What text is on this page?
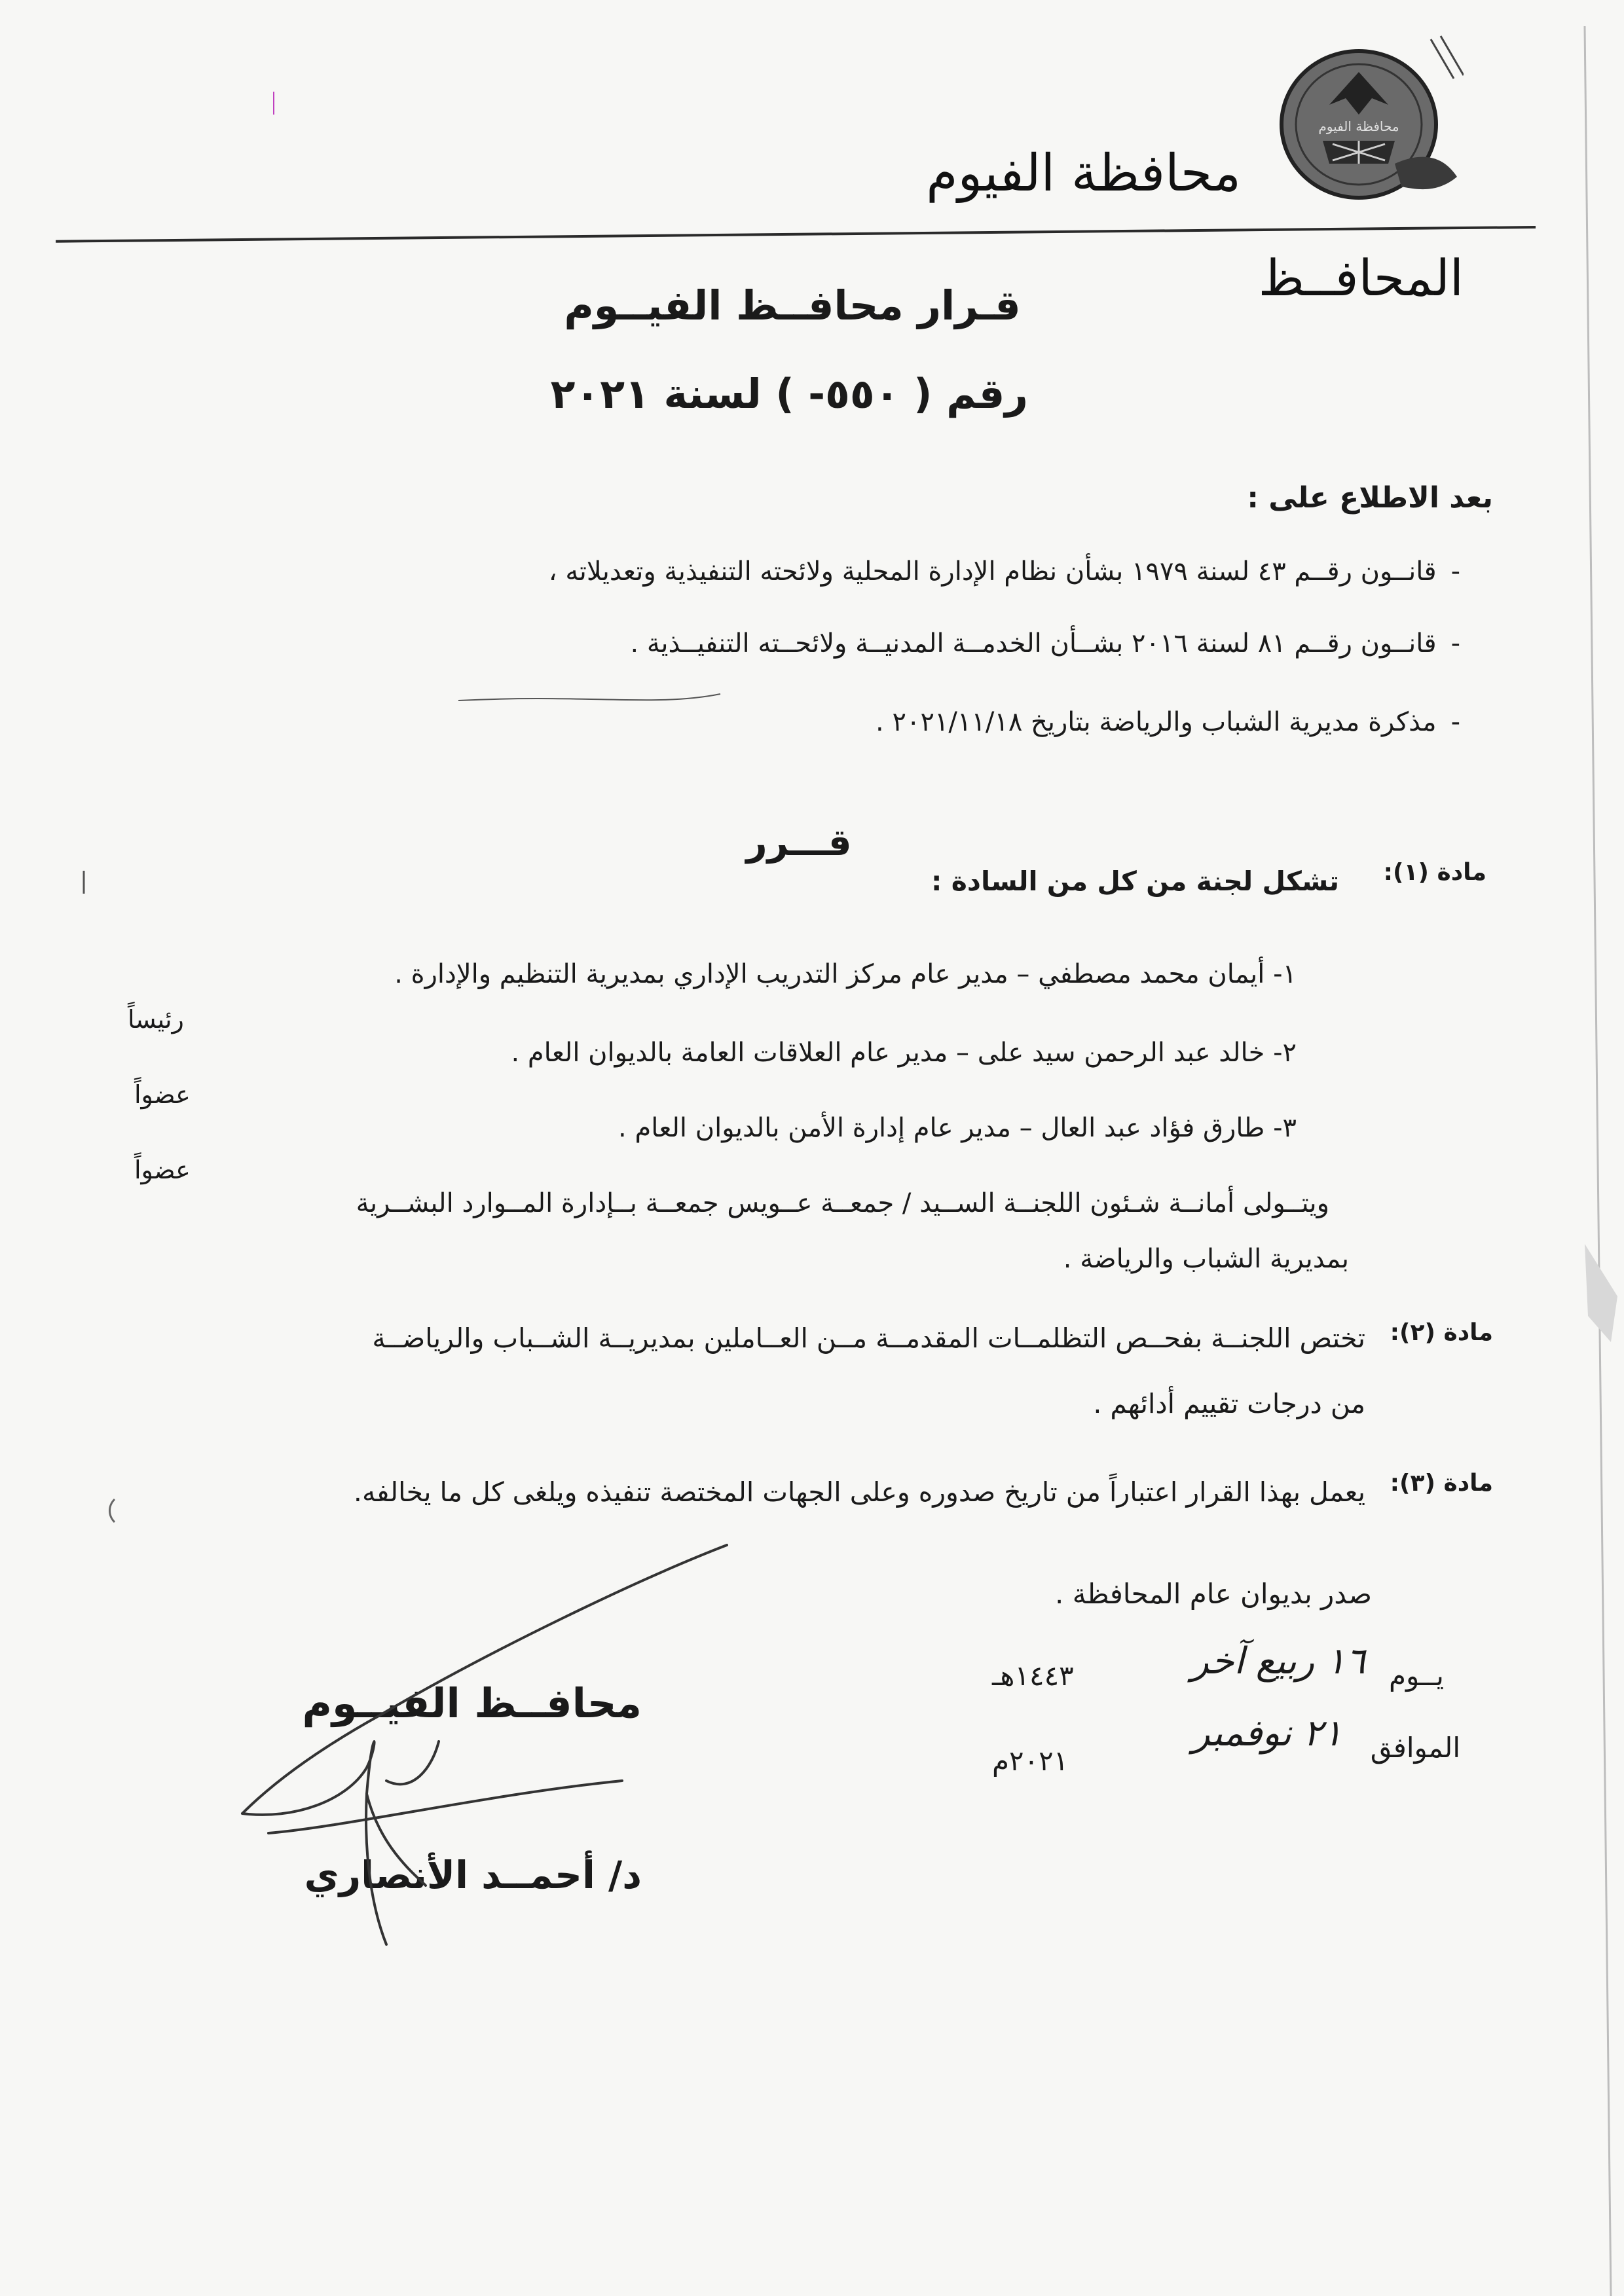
محافظة الفيوم
محافظة الفيوم
المحافــظ
قـرار محافــظ الفيــوم
رقم ( ٥٥٠- ) لسنة ٢٠٢١
بعد الاطلاع على :
-قانــون رقــم ٤٣ لسنة ١٩٧٩ بشأن نظام الإدارة المحلية ولائحته التنفيذية وتعديلاته ،
-قانــون رقــم ٨١ لسنة ٢٠١٦ بشــأن الخدمــة المدنيــة ولائحــته التنفيــذية .
-مذكرة مديرية الشباب والرياضة بتاريخ ٢٠٢١/١١/١٨ .
قـــرر
مادة (١):
تشكل لجنة من كل من السادة :
١- أيمان محمد مصطفي – مدير عام مركز التدريب الإداري بمديرية التنظيم والإدارة .
رئيساً
٢- خالد عبد الرحمن سيد على – مدير عام العلاقات العامة بالديوان العام .
عضواً
٣- طارق فؤاد عبد العال – مدير عام إدارة الأمن بالديوان العام .
عضواً
ويتــولى أمانــة شـئون اللجنــة الســيد / جمعــة عــويس جمعــة بــإدارة المــوارد البشــرية
بمديرية الشباب والرياضة .
مادة (٢):
تختص اللجنــة بفحــص التظلمــات المقدمــة مــن العــاملين بمديريــة الشــباب والرياضــة
من درجات تقييم أدائهم .
مادة (٣):
يعمل بهذا القرار اعتباراً من تاريخ صدوره وعلى الجهات المختصة تنفيذه ويلغى كل ما يخالفه.
صدر بديوان عام المحافظة .
يــوم
١٦ ربيع آخر
١٤٤٣هـ
الموافق
٢١ نوفمبر
٢٠٢١م
محافــظ الفيــوم
د/ أحمــد الأنصاري
